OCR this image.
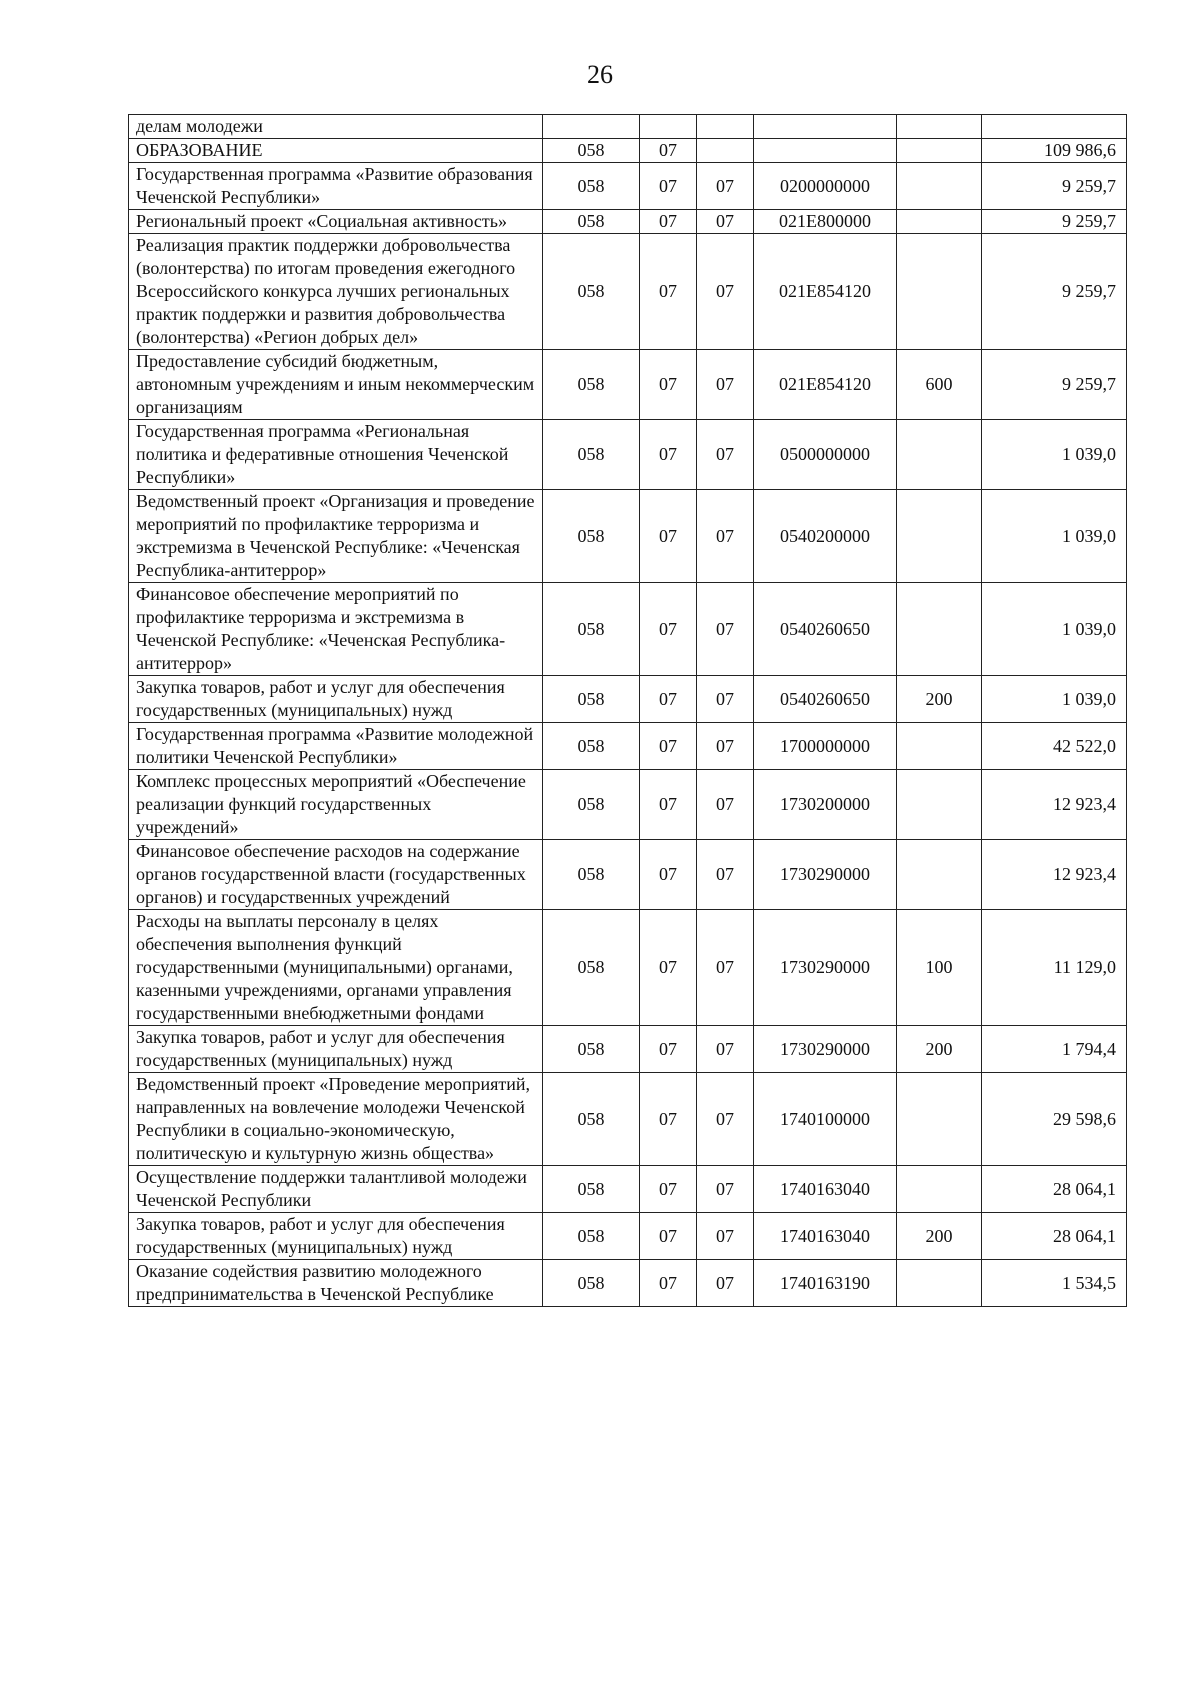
26
делам молодежи						
ОБРАЗОВАНИЕ	058	07				109 986,6
Государственная программа «Развитие образования Чеченской Республики»	058	07	07	0200000000		9 259,7
Региональный проект «Социальная активность»	058	07	07	021E800000		9 259,7
Реализация практик поддержки добровольчества (волонтерства) по итогам проведения ежегодного Всероссийского конкурса лучших региональных практик поддержки и развития добровольчества (волонтерства) «Регион добрых дел»	058	07	07	021E854120		9 259,7
Предоставление субсидий бюджетным, автономным учреждениям и иным некоммерческим организациям	058	07	07	021E854120	600	9 259,7
Государственная программа «Региональная политика и федеративные отношения Чеченской Республики»	058	07	07	0500000000		1 039,0
Ведомственный проект «Организация и проведение мероприятий по профилактике терроризма и экстремизма в Чеченской Республике: «Чеченская Республика-антитеррор»	058	07	07	0540200000		1 039,0
Финансовое обеспечение мероприятий по профилактике терроризма и экстремизма в Чеченской Республике: «Чеченская Республика-антитеррор»	058	07	07	0540260650		1 039,0
Закупка товаров, работ и услуг для обеспечения государственных (муниципальных) нужд	058	07	07	0540260650	200	1 039,0
Государственная программа «Развитие молодежной политики Чеченской Республики»	058	07	07	1700000000		42 522,0
Комплекс процессных мероприятий «Обеспечение реализации функций государственных учреждений»	058	07	07	1730200000		12 923,4
Финансовое обеспечение расходов на содержание органов государственной власти (государственных органов) и государственных учреждений	058	07	07	1730290000		12 923,4
Расходы на выплаты персоналу в целях обеспечения выполнения функций государственными (муниципальными) органами, казенными учреждениями, органами управления государственными внебюджетными фондами	058	07	07	1730290000	100	11 129,0
Закупка товаров, работ и услуг для обеспечения государственных (муниципальных) нужд	058	07	07	1730290000	200	1 794,4
Ведомственный проект «Проведение мероприятий, направленных на вовлечение молодежи Чеченской Республики в социально-экономическую, политическую и культурную жизнь общества»	058	07	07	1740100000		29 598,6
Осуществление поддержки талантливой молодежи Чеченской Республики	058	07	07	1740163040		28 064,1
Закупка товаров, работ и услуг для обеспечения государственных (муниципальных) нужд	058	07	07	1740163040	200	28 064,1
Оказание содействия развитию молодежного предпринимательства в Чеченской Республике	058	07	07	1740163190		1 534,5
